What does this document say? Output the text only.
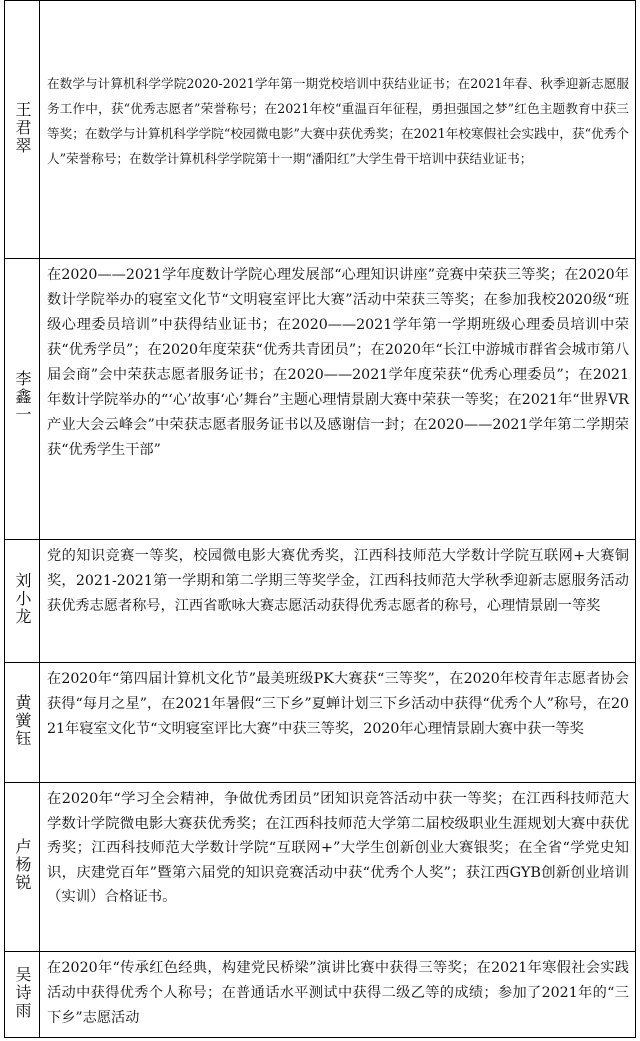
王君翠	在数学与计算机科学学院2020-2021学年第一期党校培训中获结业证书；在2021年春、秋季迎新志愿服务工作中，获“优秀志愿者”荣誉称号；在2021年校“重温百年征程，勇担强国之梦”红色主题教育中获三等奖；在数学与计算机科学学院“校园微电影”大赛中获优秀奖；在2021年校寒假社会实践中，获“优秀个人”荣誉称号；在数学计算机科学学院第十一期“潘阳红”大学生骨干培训中获结业证书；

李鑫一	在2020——2021学年度数计学院心理发展部“心理知识讲座”竞赛中荣获三等奖；在2020年数计学院举办的寝室文化节“文明寝室评比大赛”活动中荣获三等奖；在参加我校2020级“班级心理委员培训”中获得结业证书；在2020——2021学年第一学期班级心理委员培训中荣获“优秀学员”；在2020年度荣获“优秀共青团员”；在2020年“长江中游城市群省会城市第八届会商”会中荣获志愿者服务证书；在2020——2021学年度荣获“优秀心理委员”；在2021年数计学院举办的“‘心’故事‘心’舞台”主题心理情景剧大赛中荣获一等奖；在2021年“世界VR产业大会云峰会”中荣获志愿者服务证书以及感谢信一封；在2020——2021学年第二学期荣获“优秀学生干部”

刘小龙	党的知识竞赛一等奖，校园微电影大赛优秀奖，江西科技师范大学数计学院互联网+大赛铜奖，2021-2021第一学期和第二学期三等奖学金，江西科技师范大学秋季迎新志愿服务活动获优秀志愿者称号，江西省歌咏大赛志愿活动获得优秀志愿者的称号，心理情景剧一等奖

黄黉钰	在2020年“第四届计算机文化节”最美班级PK大赛获“三等奖”，在2020年校青年志愿者协会获得“每月之星”，在2021年暑假“三下乡”夏蝉计划三下乡活动中获得“优秀个人”称号，在2021年寝室文化节“文明寝室评比大赛”中获三等奖，2020年心理情景剧大赛中获一等奖

卢杨锐	在2020年“学习全会精神，争做优秀团员”团知识竞答活动中获一等奖；在江西科技师范大学数计学院微电影大赛获优秀奖；在江西科技师范大学第二届校级职业生涯规划大赛中获优秀奖；江西科技师范大学数计学院“互联网+”大学生创新创业大赛银奖；在全省“学党史知识，庆建党百年”暨第六届党的知识竞赛活动中获“优秀个人奖”；获江西GYB创新创业培训（实训）合格证书。

吴诗雨	在2020年“传承红色经典，构建党民桥梁”演讲比赛中获得三等奖；在2021年寒假社会实践活动中获得优秀个人称号；在普通话水平测试中获得二级乙等的成绩；参加了2021年的“三下乡”志愿活动
